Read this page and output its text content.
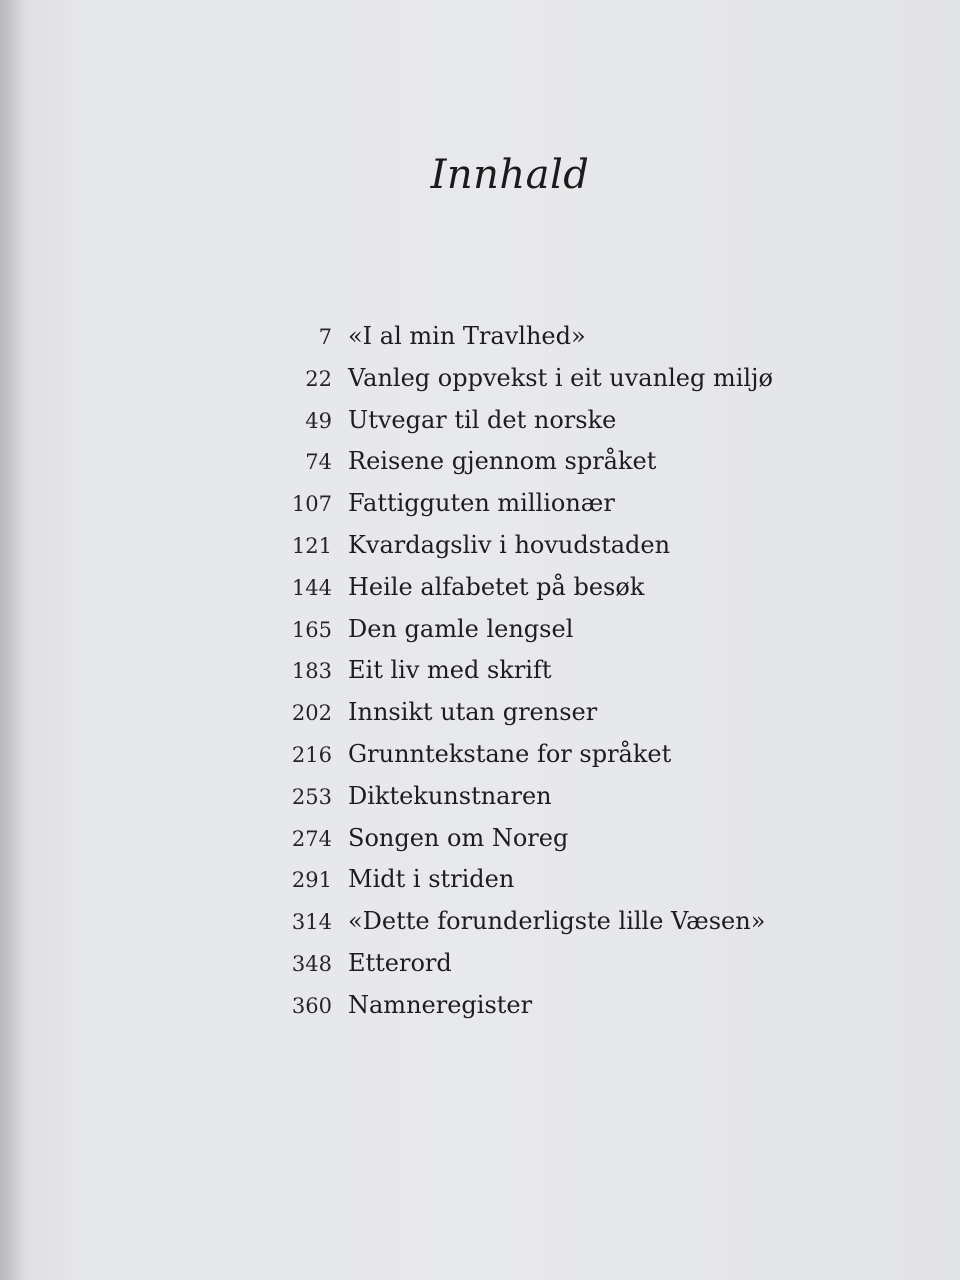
Innhald
7 «I al min Travlhed»
22 Vanleg oppvekst i eit uvanleg miljø
49 Utvegar til det norske
74 Reisene gjennom språket
107 Fattigguten millionær
121 Kvardagsliv i hovudstaden
144 Heile alfabetet på besøk
165 Den gamle lengsel
183 Eit liv med skrift
202 Innsikt utan grenser
216 Grunntekstane for språket
253 Diktekunstnaren
274 Songen om Noreg
291 Midt i striden
314 «Dette forunderligste lille Væsen»
348 Etterord
360 Namneregister
